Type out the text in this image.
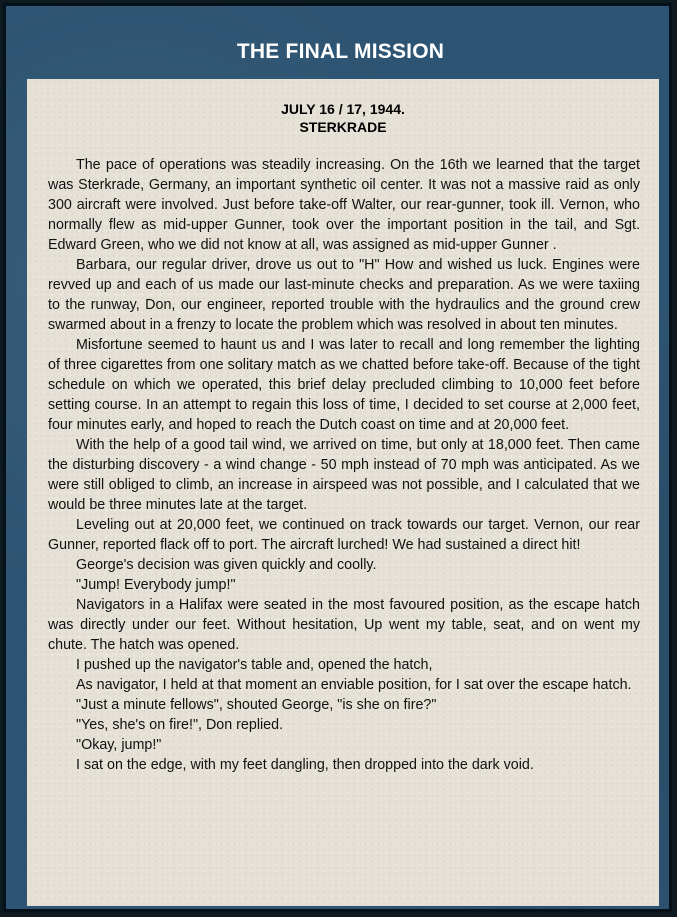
THE FINAL MISSION
JULY 16 / 17, 1944.
STERKRADE

The pace of operations was steadily increasing. On the 16th we learned that the target was Sterkrade, Germany, an important synthetic oil center. It was not a massive raid as only 300 aircraft were involved. Just before take-off Walter, our rear-gunner, took ill. Vernon, who normally flew as mid-upper Gunner, took over the important position in the tail, and Sgt. Edward Green, who we did not know at all, was assigned as mid-upper Gunner .

Barbara, our regular driver, drove us out to "H" How and wished us luck. Engines were revved up and each of us made our last-minute checks and preparation. As we were taxiing to the runway, Don, our engineer, reported trouble with the hydraulics and the ground crew swarmed about in a frenzy to locate the problem which was resolved in about ten minutes.

Misfortune seemed to haunt us and I was later to recall and long remember the lighting of three cigarettes from one solitary match as we chatted before take-off. Because of the tight schedule on which we operated, this brief delay precluded climbing to 10,000 feet before setting course. In an attempt to regain this loss of time, I decided to set course at 2,000 feet, four minutes early, and hoped to reach the Dutch coast on time and at 20,000 feet.

With the help of a good tail wind, we arrived on time, but only at 18,000 feet. Then came the disturbing discovery - a wind change - 50 mph instead of 70 mph was anticipated. As we were still obliged to climb, an increase in airspeed was not possible, and I calculated that we would be three minutes late at the target.

Leveling out at 20,000 feet, we continued on track towards our target. Vernon, our rear Gunner, reported flack off to port. The aircraft lurched! We had sustained a direct hit!

George's decision was given quickly and coolly.

"Jump! Everybody jump!"

Navigators in a Halifax were seated in the most favoured position, as the escape hatch was directly under our feet. Without hesitation, Up went my table, seat, and on went my chute. The hatch was opened.

I pushed up the navigator's table and, opened the hatch,

As navigator, I held at that moment an enviable position, for I sat over the escape hatch.

"Just a minute fellows", shouted George, "is she on fire?"

"Yes, she's on fire!", Don replied.

"Okay, jump!"

I sat on the edge, with my feet dangling, then dropped into the dark void.
